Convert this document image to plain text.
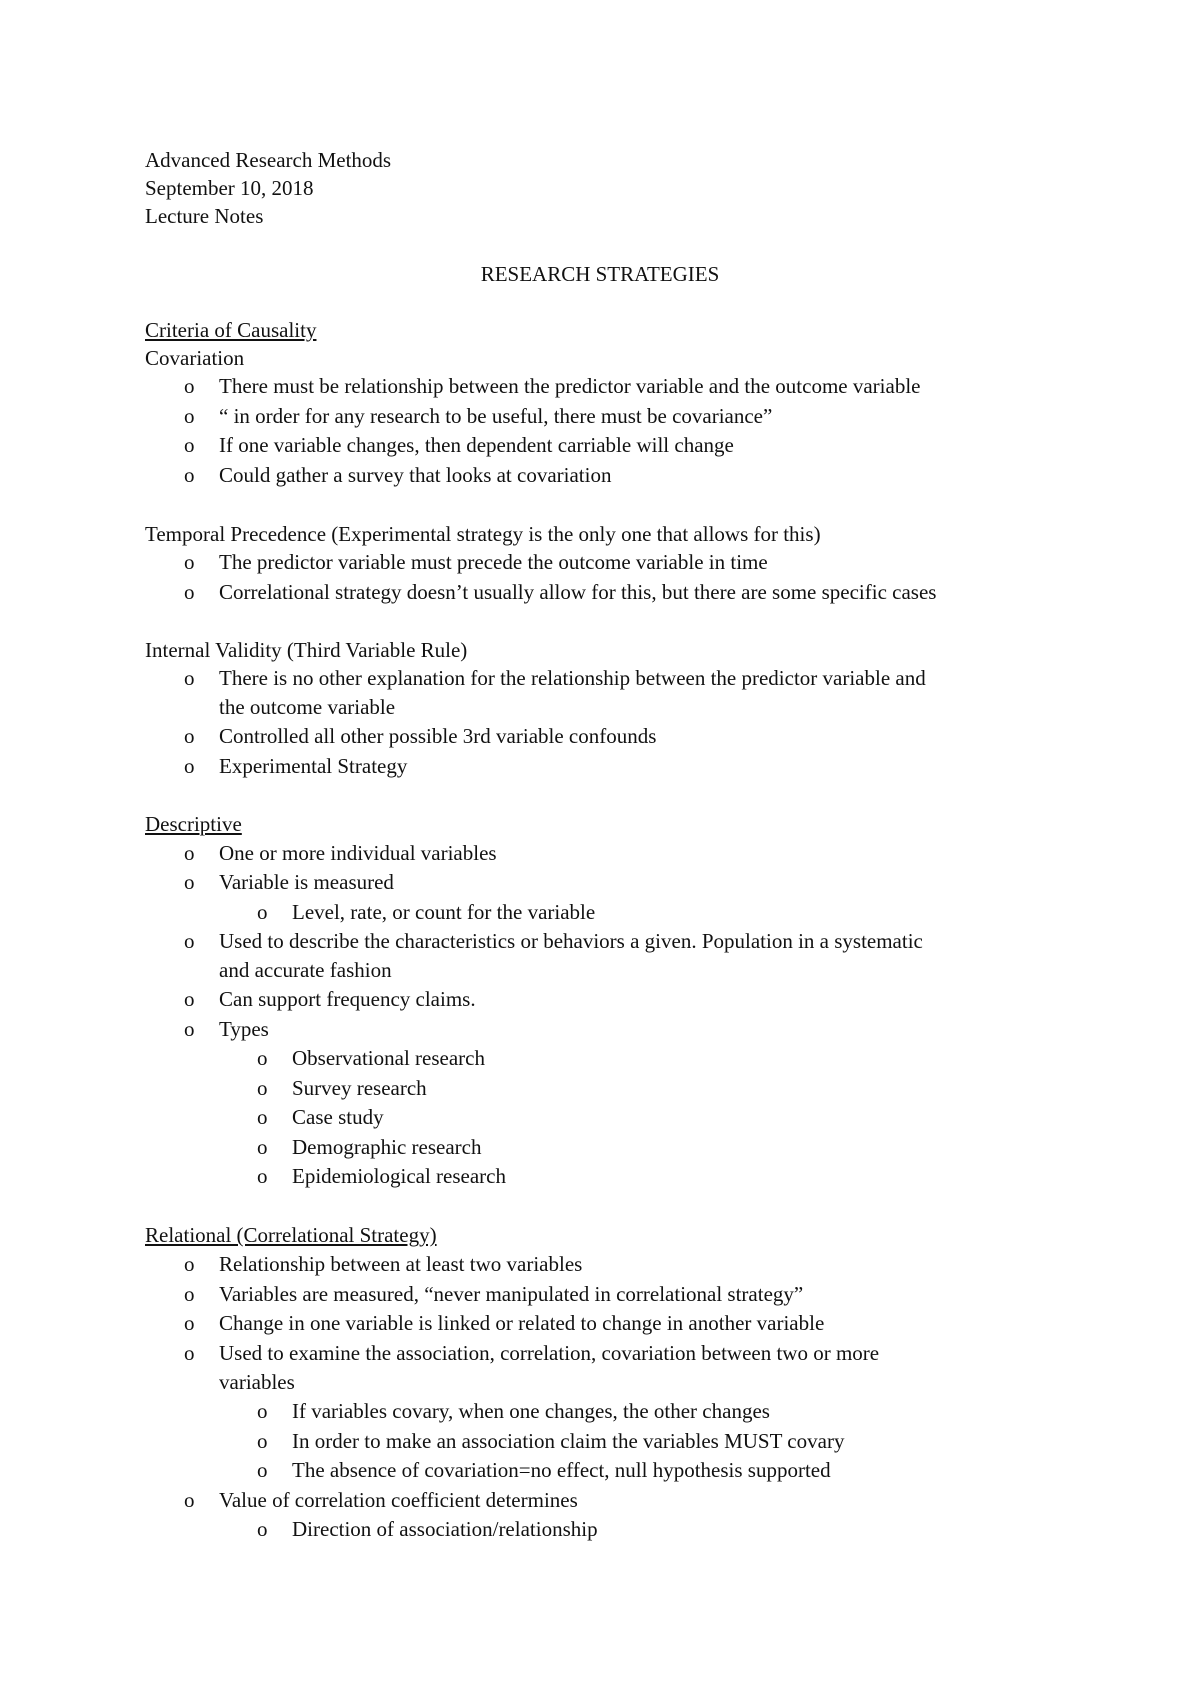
Advanced Research Methods
September 10, 2018
Lecture Notes
RESEARCH STRATEGIES
Criteria of Causality
Covariation
o There must be relationship between the predictor variable and the outcome variable
o “ in order for any research to be useful, there must be covariance”
o If one variable changes, then dependent carriable will change
o Could gather a survey that looks at covariation
Temporal Precedence (Experimental strategy is the only one that allows for this)
o The predictor variable must precede the outcome variable in time
o Correlational strategy doesn’t usually allow for this, but there are some specific cases
Internal Validity (Third Variable Rule)
o There is no other explanation for the relationship between the predictor variable and
the outcome variable
o Controlled all other possible 3rd variable confounds
o Experimental Strategy
Descriptive
o One or more individual variables
o Variable is measured
o Level, rate, or count for the variable
o Used to describe the characteristics or behaviors a given. Population in a systematic
and accurate fashion
o Can support frequency claims.
o Types
o Observational research
o Survey research
o Case study
o Demographic research
o Epidemiological research
Relational (Correlational Strategy)
o Relationship between at least two variables
o Variables are measured, “never manipulated in correlational strategy”
o Change in one variable is linked or related to change in another variable
o Used to examine the association, correlation, covariation between two or more
variables
o If variables covary, when one changes, the other changes
o In order to make an association claim the variables MUST covary
o The absence of covariation=no effect, null hypothesis supported
o Value of correlation coefficient determines
o Direction of association/relationship
